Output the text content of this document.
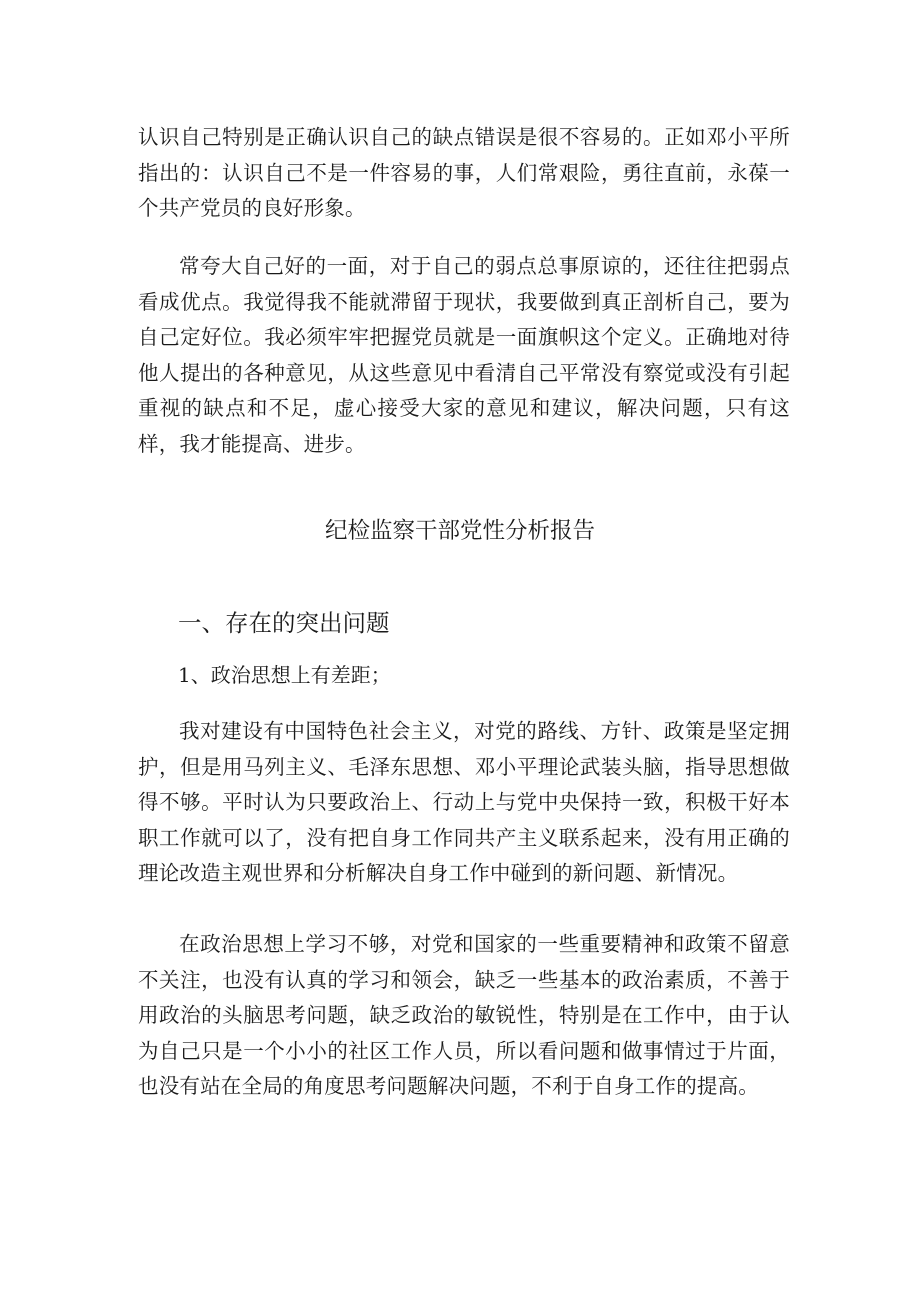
认识自己特别是正确认识自己的缺点错误是很不容易的。正如邓小平所指出的：认识自己不是一件容易的事，人们常艰险，勇往直前，永葆一个共产党员的良好形象。

常夸大自己好的一面，对于自己的弱点总事原谅的，还往往把弱点看成优点。我觉得我不能就滞留于现状，我要做到真正剖析自己，要为自己定好位。我必须牢牢把握党员就是一面旗帜这个定义。正确地对待他人提出的各种意见，从这些意见中看清自己平常没有察觉或没有引起重视的缺点和不足，虚心接受大家的意见和建议，解决问题，只有这样，我才能提高、进步。

纪检监察干部党性分析报告
一、存在的突出问题
1、政治思想上有差距；

我对建设有中国特色社会主义，对党的路线、方针、政策是坚定拥护，但是用马列主义、毛泽东思想、邓小平理论武装头脑，指导思想做得不够。平时认为只要政治上、行动上与党中央保持一致，积极干好本职工作就可以了，没有把自身工作同共产主义联系起来，没有用正确的理论改造主观世界和分析解决自身工作中碰到的新问题、新情况。

在政治思想上学习不够，对党和国家的一些重要精神和政策不留意不关注，也没有认真的学习和领会，缺乏一些基本的政治素质，不善于用政治的头脑思考问题，缺乏政治的敏锐性，特别是在工作中，由于认为自己只是一个小小的社区工作人员，所以看问题和做事情过于片面，也没有站在全局的角度思考问题解决问题，不利于自身工作的提高。
